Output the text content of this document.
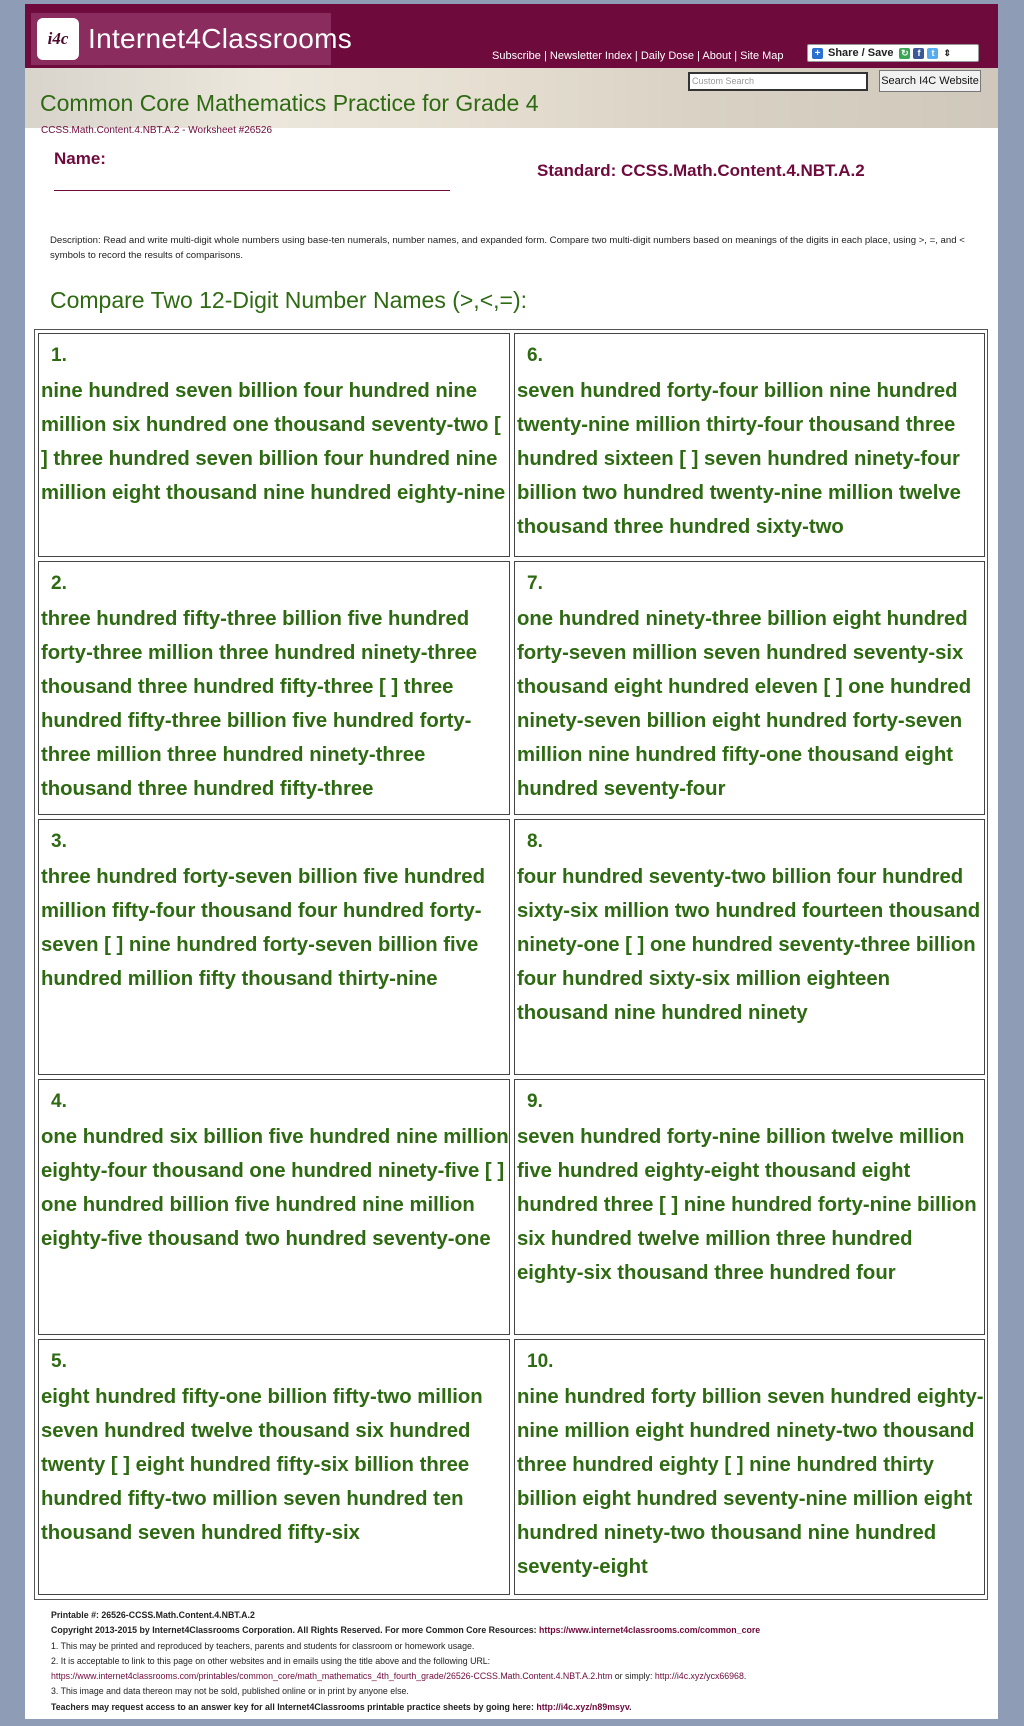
i4c Internet4Classrooms
Subscribe | Newsletter Index | Daily Dose | About | Site Map	+ Share / Save ↻ f	t	⇕
Custom Search	Search I4C Website
Common Core Mathematics Practice for Grade 4
CCSS.Math.Content.4.NBT.A.2 - Worksheet #26526
Name:
Standard: CCSS.Math.Content.4.NBT.A.2
Description: Read and write multi-digit whole numbers using base-ten numerals, number names, and expanded form. Compare two multi-digit numbers based on meanings of the digits in each place, using >, =, and < symbols to record the results of comparisons.
Compare Two 12-Digit Number Names (>,<,=):
1.
nine hundred seven billion four hundred nine million six hundred one thousand seventy-two [ ] three hundred seven billion four hundred nine million eight thousand nine hundred eighty-nine
6.
seven hundred forty-four billion nine hundred twenty-nine million thirty-four thousand three hundred sixteen [ ] seven hundred ninety-four billion two hundred twenty-nine million twelve thousand three hundred sixty-two
2.
three hundred fifty-three billion five hundred forty-three million three hundred ninety-three thousand three hundred fifty-three [ ] three hundred fifty-three billion five hundred forty-three million three hundred ninety-three thousand three hundred fifty-three
7.
one hundred ninety-three billion eight hundred forty-seven million seven hundred seventy-six thousand eight hundred eleven [ ] one hundred ninety-seven billion eight hundred forty-seven million nine hundred fifty-one thousand eight hundred seventy-four
3.
three hundred forty-seven billion five hundred million fifty-four thousand four hundred forty-seven [ ] nine hundred forty-seven billion five hundred million fifty thousand thirty-nine
8.
four hundred seventy-two billion four hundred sixty-six million two hundred fourteen thousand ninety-one [ ] one hundred seventy-three billion four hundred sixty-six million eighteen thousand nine hundred ninety
4.
one hundred six billion five hundred nine million eighty-four thousand one hundred ninety-five [ ] one hundred billion five hundred nine million eighty-five thousand two hundred seventy-one
9.
seven hundred forty-nine billion twelve million five hundred eighty-eight thousand eight hundred three [ ] nine hundred forty-nine billion six hundred twelve million three hundred eighty-six thousand three hundred four
5.
eight hundred fifty-one billion fifty-two million seven hundred twelve thousand six hundred twenty [ ] eight hundred fifty-six billion three hundred fifty-two million seven hundred ten thousand seven hundred fifty-six
10.
nine hundred forty billion seven hundred eighty-nine million eight hundred ninety-two thousand three hundred eighty [ ] nine hundred thirty billion eight hundred seventy-nine million eight hundred ninety-two thousand nine hundred seventy-eight
Printable #: 26526-CCSS.Math.Content.4.NBT.A.2
Copyright 2013-2015 by Internet4Classrooms Corporation. All Rights Reserved. For more Common Core Resources: https://www.internet4classrooms.com/common_core
1. This may be printed and reproduced by teachers, parents and students for classroom or homework usage.
2. It is acceptable to link to this page on other websites and in emails using the title above and the following URL:
https://www.internet4classrooms.com/printables/common_core/math_mathematics_4th_fourth_grade/26526-CCSS.Math.Content.4.NBT.A.2.htm or simply: http://i4c.xyz/ycx66968.
3. This image and data thereon may not be sold, published online or in print by anyone else.
Teachers may request access to an answer key for all Internet4Classrooms printable practice sheets by going here: http://i4c.xyz/n89msyv.
